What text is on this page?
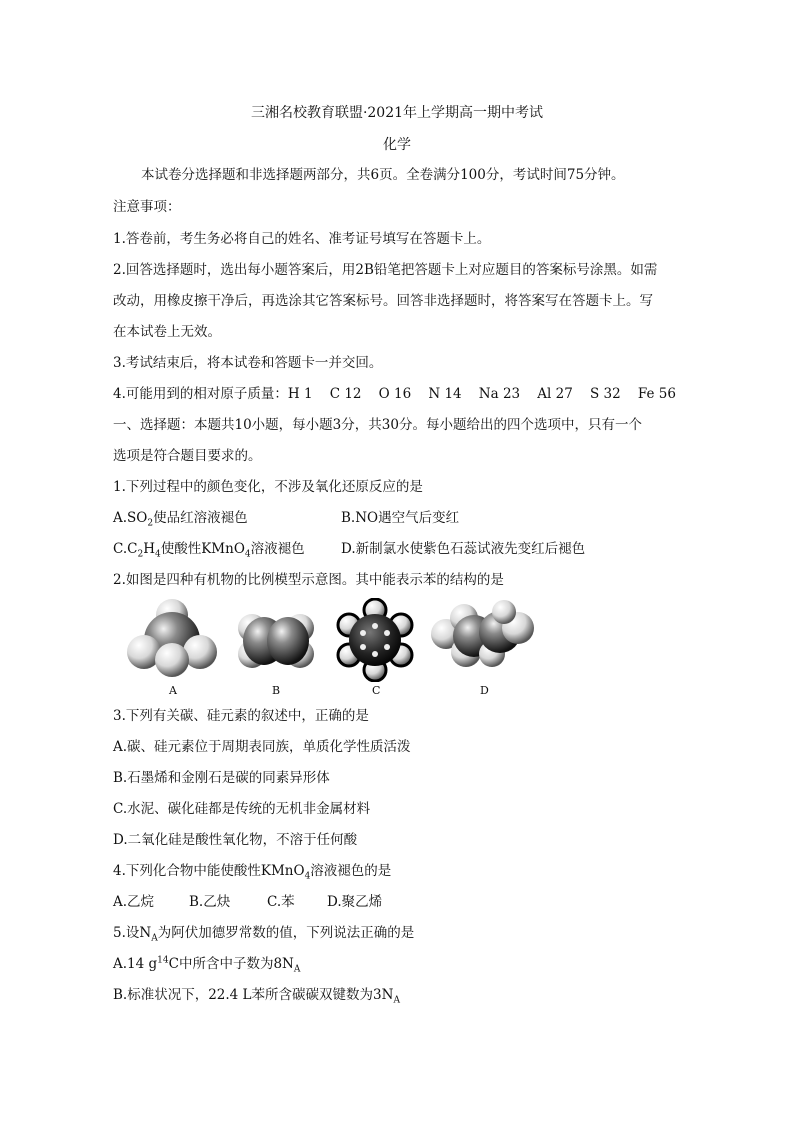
三湘名校教育联盟·2021年上学期高一期中考试
化学
本试卷分选择题和非选择题两部分，共6页。全卷满分100分，考试时间75分钟。
注意事项：
1.答卷前，考生务必将自己的姓名、准考证号填写在答题卡上。
2.回答选择题时，选出每小题答案后，用2B铅笔把答题卡上对应题目的答案标号涂黑。如需
改动，用橡皮擦干净后，再选涂其它答案标号。回答非选择题时，将答案写在答题卡上。写
在本试卷上无效。
3.考试结束后，将本试卷和答题卡一并交回。
4.可能用到的相对原子质量：H 1    C 12    O 16    N 14    Na 23    Al 27    S 32    Fe 56
一、选择题：本题共10小题，每小题3分，共30分。每小题给出的四个选项中，只有一个
选项是符合题目要求的。
1.下列过程中的颜色变化，不涉及氧化还原反应的是
$A.SO_2$使品红溶液褪色	B.NO遇空气后变红
$C.C_2H_4$使酸性KMnO$_4$溶液褪色	D.新制氯水使紫色石蕊试液先变红后褪色
2.如图是四种有机物的比例模型示意图。其中能表示苯的结构的是
A	B	C	D
3.下列有关碳、硅元素的叙述中，正确的是
A.碳、硅元素位于周期表同族，单质化学性质活泼
B.石墨烯和金刚石是碳的同素异形体
C.水泥、碳化硅都是传统的无机非金属材料
D.二氧化硅是酸性氧化物，不溶于任何酸
4.下列化合物中能使酸性KMnO$_4$溶液褪色的是
A.乙烷	B.乙炔	C.苯 D.聚乙烯
5.设$N_A$为阿伏加德罗常数的值，下列说法正确的是
A.14 $g^{14}C$中所含中子数为$8N_A$
B.标准状况下，22.4 L苯所含碳碳双键数为$3N_A$
